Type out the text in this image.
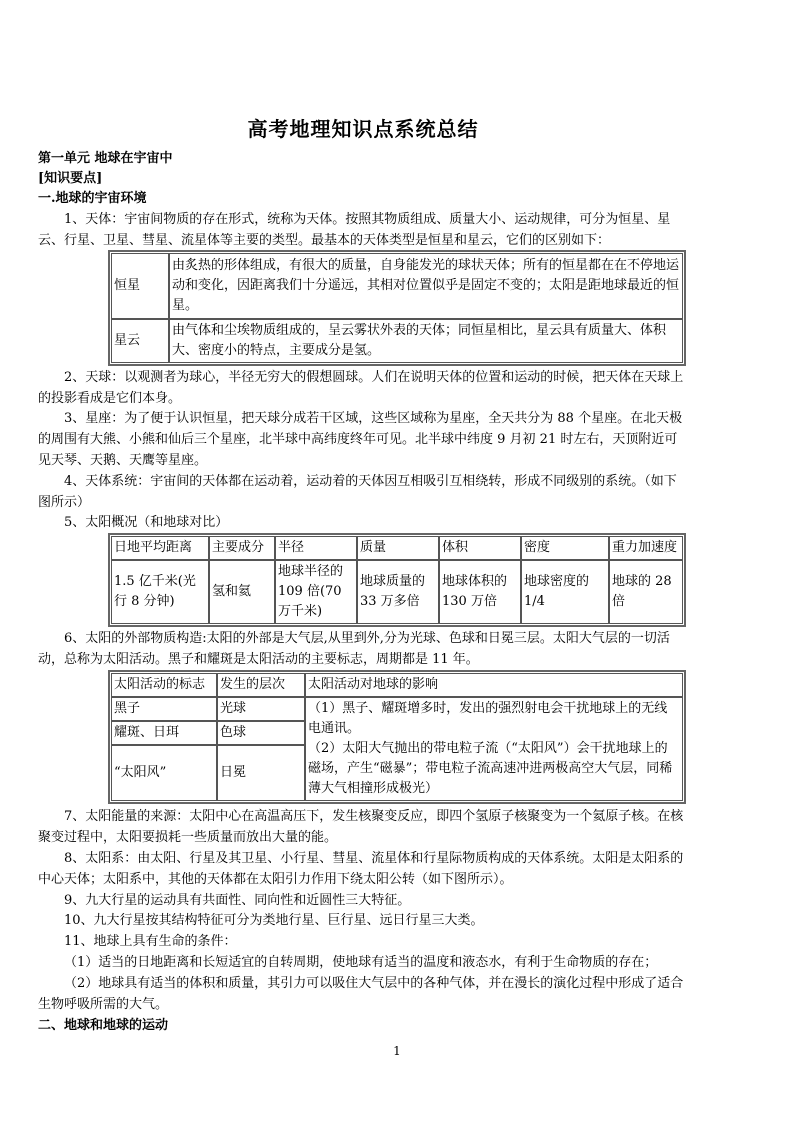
高考地理知识点系统总结
第一单元 地球在宇宙中
[知识要点]
一.地球的宇宙环境
1、天体：宇宙间物质的存在形式，统称为天体。按照其物质组成、质量大小、运动规律，可分为恒星、星云、行星、卫星、彗星、流星体等主要的类型。最基本的天体类型是恒星和星云，它们的区别如下：
恒星	由炙热的形体组成，有很大的质量，自身能发光的球状天体；所有的恒星都在在不停地运动和变化，因距离我们十分遥远，其相对位置似乎是固定不变的；太阳是距地球最近的恒星。
星云	由气体和尘埃物质组成的，呈云雾状外表的天体；同恒星相比，星云具有质量大、体积大、密度小的特点，主要成分是氢。
2、天球：以观测者为球心，半径无穷大的假想圆球。人们在说明天体的位置和运动的时候，把天体在天球上的投影看成是它们本身。
3、星座：为了便于认识恒星，把天球分成若干区域，这些区域称为星座，全天共分为 88 个星座。在北天极的周围有大熊、小熊和仙后三个星座，北半球中高纬度终年可见。北半球中纬度 9 月初 21 时左右，天顶附近可见天琴、天鹅、天鹰等星座。
4、天体系统：宇宙间的天体都在运动着，运动着的天体因互相吸引互相绕转，形成不同级别的系统。（如下图所示）
5、太阳概况（和地球对比）
日地平均距离	主要成分	半径	质量	体积	密度	重力加速度
1.5 亿千米(光行 8 分钟)	氢和氦	地球半径的 109 倍(70 万千米)	地球质量的 33 万多倍	地球体积的 130 万倍	地球密度的 1/4	地球的 28 倍
6、太阳的外部物质构造:太阳的外部是大气层,从里到外,分为光球、色球和日冕三层。太阳大气层的一切活动，总称为太阳活动。黑子和耀斑是太阳活动的主要标志，周期都是 11 年。
太阳活动的标志	发生的层次	太阳活动对地球的影响
黑子	光球	（1）黑子、耀斑增多时，发出的强烈射电会干扰地球上的无线电通讯。
（2）太阳大气抛出的带电粒子流（“太阳风”）会干扰地球上的磁场，产生“磁暴”；带电粒子流高速冲进两极高空大气层，同稀薄大气相撞形成极光）

耀斑、日珥	色球	
“太阳风”	日冕	
7、太阳能量的来源：太阳中心在高温高压下，发生核聚变反应，即四个氢原子核聚变为一个氦原子核。在核聚变过程中，太阳要损耗一些质量而放出大量的能。
8、太阳系：由太阳、行星及其卫星、小行星、彗星、流星体和行星际物质构成的天体系统。太阳是太阳系的中心天体；太阳系中，其他的天体都在太阳引力作用下绕太阳公转（如下图所示）。
9、九大行星的运动具有共面性、同向性和近圆性三大特征。
10、九大行星按其结构特征可分为类地行星、巨行星、远日行星三大类。
11、地球上具有生命的条件：
（1）适当的日地距离和长短适宜的自转周期，使地球有适当的温度和液态水，有利于生命物质的存在；
（2）地球具有适当的体积和质量，其引力可以吸住大气层中的各种气体，并在漫长的演化过程中形成了适合生物呼吸所需的大气。
二、地球和地球的运动
1
